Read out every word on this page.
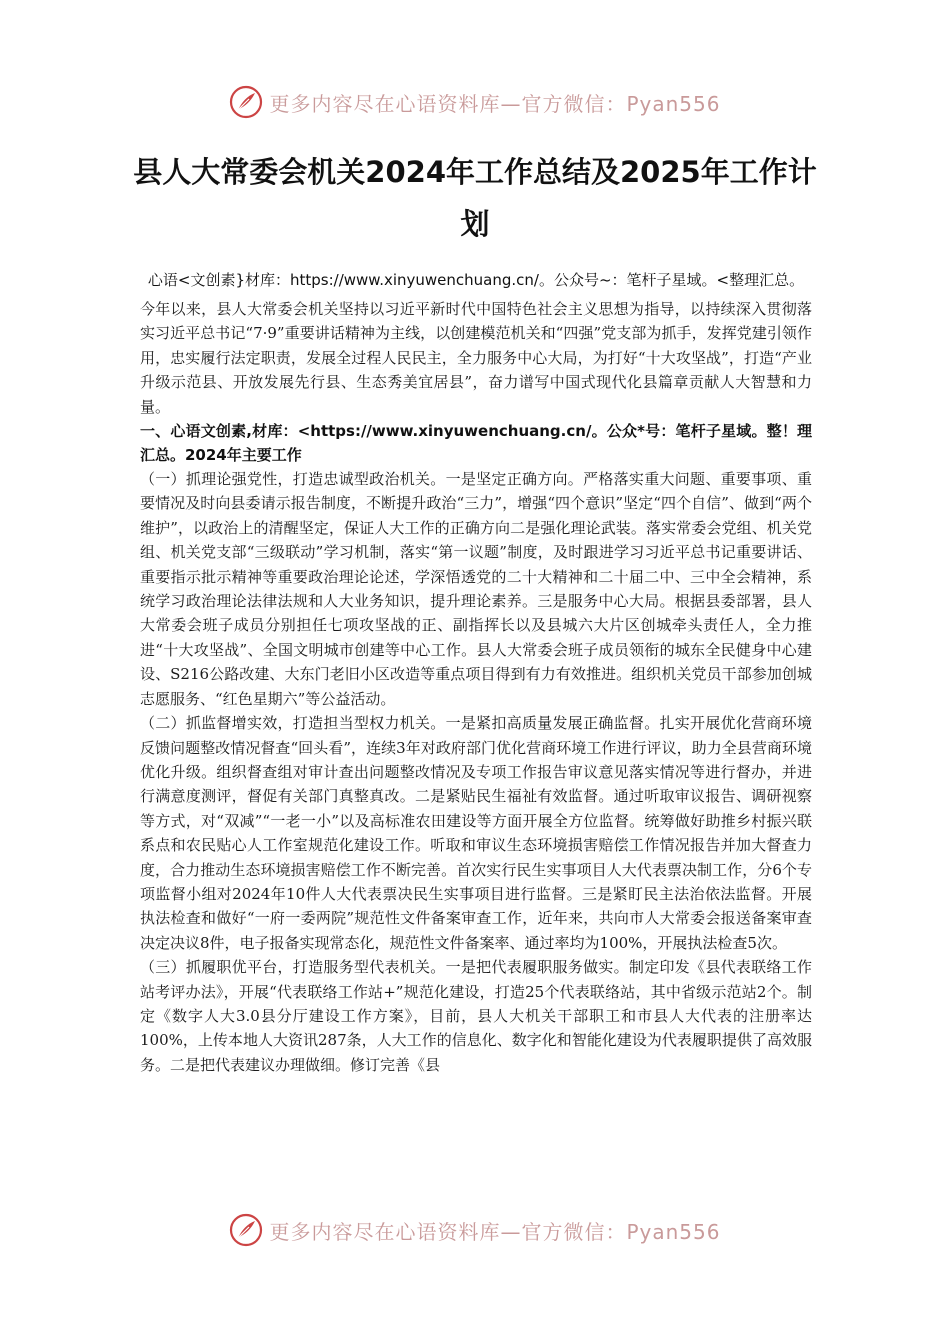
更多内容尽在心语资料库—官方微信：Pyan556
县人大常委会机关2024年工作总结及2025年工作计划

心语<文创素}材库：https://www.xinyuwenchuang.cn/。公众号~：笔杆子星域。<整理汇总。

今年以来，县人大常委会机关坚持以习近平新时代中国特色社会主义思想为指导，以持续深入贯彻落实习近平总书记“7·9”重要讲话精神为主线，以创建模范机关和“四强”党支部为抓手，发挥党建引领作用，忠实履行法定职责，发展全过程人民民主，全力服务中心大局，为打好“十大攻坚战”，打造“产业升级示范县、开放发展先行县、生态秀美宜居县”，奋力谱写中国式现代化县篇章贡献人大智慧和力量。

一、心语文创素,材库：<https://www.xinyuwenchuang.cn/。公众*号：笔杆子星域。整！理汇总。2024年主要工作

（一）抓理论强党性，打造忠诚型政治机关。一是坚定正确方向。严格落实重大问题、重要事项、重要情况及时向县委请示报告制度，不断提升政治“三力”，增强“四个意识”坚定“四个自信”、做到“两个维护”，以政治上的清醒坚定，保证人大工作的正确方向二是强化理论武装。落实常委会党组、机关党组、机关党支部“三级联动”学习机制，落实“第一议题”制度，及时跟进学习习近平总书记重要讲话、重要指示批示精神等重要政治理论论述，学深悟透党的二十大精神和二十届二中、三中全会精神，系统学习政治理论法律法规和人大业务知识，提升理论素养。三是服务中心大局。根据县委部署，县人大常委会班子成员分别担任七项攻坚战的正、副指挥长以及县城六大片区创城牵头责任人，全力推进“十大攻坚战”、全国文明城市创建等中心工作。县人大常委会班子成员领衔的城东全民健身中心建设、S216公路改建、大东门老旧小区改造等重点项目得到有力有效推进。组织机关党员干部参加创城志愿服务、“红色星期六”等公益活动。

（二）抓监督增实效，打造担当型权力机关。一是紧扣高质量发展正确监督。扎实开展优化营商环境反馈问题整改情况督查“回头看”，连续3年对政府部门优化营商环境工作进行评议，助力全县营商环境优化升级。组织督查组对审计查出问题整改情况及专项工作报告审议意见落实情况等进行督办，并进行满意度测评，督促有关部门真整真改。二是紧贴民生福祉有效监督。通过听取审议报告、调研视察等方式，对“双减”“一老一小”以及高标准农田建设等方面开展全方位监督。统筹做好助推乡村振兴联系点和农民贴心人工作室规范化建设工作。听取和审议生态环境损害赔偿工作情况报告并加大督查力度，合力推动生态环境损害赔偿工作不断完善。首次实行民生实事项目人大代表票决制工作，分6个专项监督小组对2024年10件人大代表票决民生实事项目进行监督。三是紧盯民主法治依法监督。开展执法检查和做好“一府一委两院”规范性文件备案审查工作，近年来，共向市人大常委会报送备案审查决定决议8件，电子报备实现常态化，规范性文件备案率、通过率均为100%，开展执法检查5次。

（三）抓履职优平台，打造服务型代表机关。一是把代表履职服务做实。制定印发《县代表联络工作站考评办法》，开展“代表联络工作站+”规范化建设，打造25个代表联络站，其中省级示范站2个。制定《数字人大3.0县分厅建设工作方案》，目前，县人大机关干部职工和市县人大代表的注册率达100%，上传本地人大资讯287条，人大工作的信息化、数字化和智能化建设为代表履职提供了高效服务。二是把代表建议办理做细。修订完善《县

更多内容尽在心语资料库—官方微信：Pyan556
